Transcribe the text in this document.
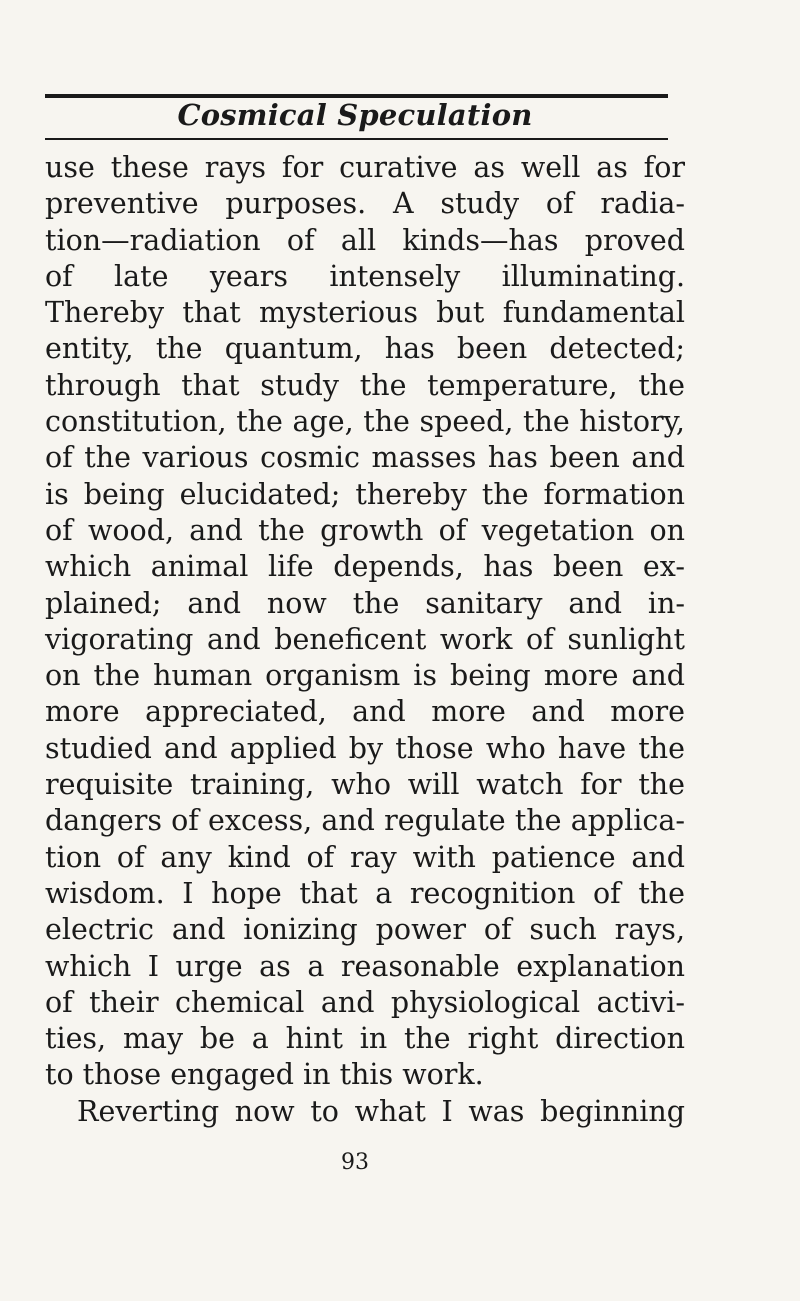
Cosmical Speculation
use these rays for curative as well as for
preventive purposes. A study of radia-
tion—radiation of all kinds—has proved
of late years intensely illuminating.
Thereby that mysterious but fundamental
entity, the quantum, has been detected;
through that study the temperature, the
constitution, the age, the speed, the history,
of the various cosmic masses has been and
is being elucidated; thereby the formation
of wood, and the growth of vegetation on
which animal life depends, has been ex-
plained; and now the sanitary and in-
vigorating and beneficent work of sunlight
on the human organism is being more and
more appreciated, and more and more
studied and applied by those who have the
requisite training, who will watch for the
dangers of excess, and regulate the applica-
tion of any kind of ray with patience and
wisdom. I hope that a recognition of the
electric and ionizing power of such rays,
which I urge as a reasonable explanation
of their chemical and physiological activi-
ties, may be a hint in the right direction
to those engaged in this work.
Reverting now to what I was beginning
93
